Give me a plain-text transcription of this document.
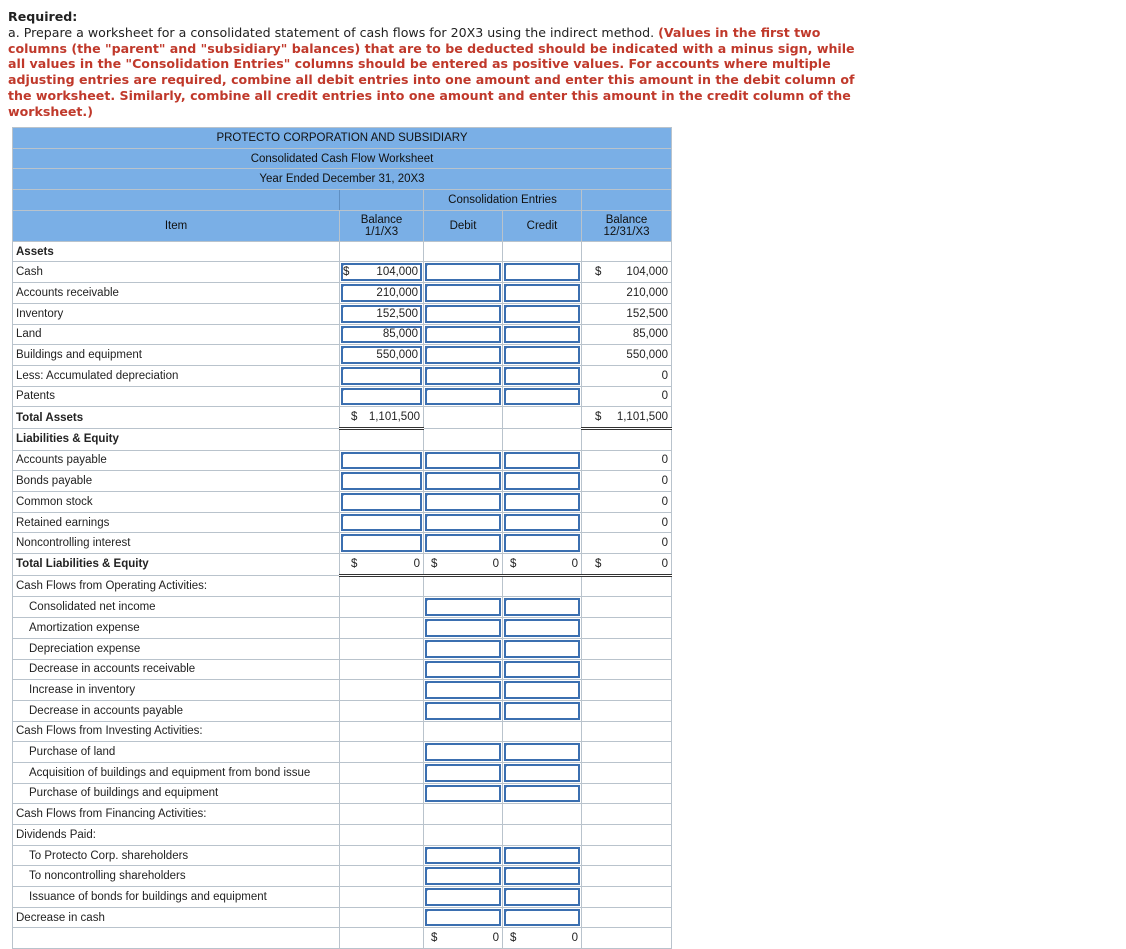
Required:
a. Prepare a worksheet for a consolidated statement of cash flows for 20X3 using the indirect method. (Values in the first two columns (the "parent" and "subsidiary" balances) that are to be deducted should be indicated with a minus sign, while all values in the "Consolidation Entries" columns should be entered as positive values. For accounts where multiple adjusting entries are required, combine all debit entries into one amount and enter this amount in the debit column of the worksheet. Similarly, combine all credit entries into one amount and enter this amount in the credit column of the worksheet.)
PROTECTO CORPORATION AND SUBSIDIARY				
Consolidated Cash Flow Worksheet				
Year Ended December 31, 20X3				
		Consolidation Entries		
Item	Balance
1/1/X3	Debit	Credit	Balance
12/31/X3
Assets				
Cash	$ 104,000			$ 104,000
Accounts receivable	210,000			210,000
Inventory	152,500			152,500
Land	85,000			85,000
Buildings and equipment	550,000			550,000
Less: Accumulated depreciation				0
Patents				0
Total Assets	$ 1,101,500			$ 1,101,500
Liabilities & Equity				
Accounts payable				0
Bonds payable				0
Common stock				0
Retained earnings				0
Noncontrolling interest				0
Total Liabilities & Equity	$ 0	$ 0	$ 0	$ 0
Cash Flows from Operating Activities:				
Consolidated net income		

Amortization expense		

Depreciation expense		

Decrease in accounts receivable		

Increase in inventory		

Decrease in accounts payable		

Cash Flows from Investing Activities:				
Purchase of land		

Acquisition of buildings and equipment from bond issue		

Purchase of buildings and equipment		

Cash Flows from Financing Activities:				
Dividends Paid:				
To Protecto Corp. shareholders		

To noncontrolling shareholders		

Issuance of bonds for buildings and equipment		

Decrease in cash		

		$ 0	$ 0	
